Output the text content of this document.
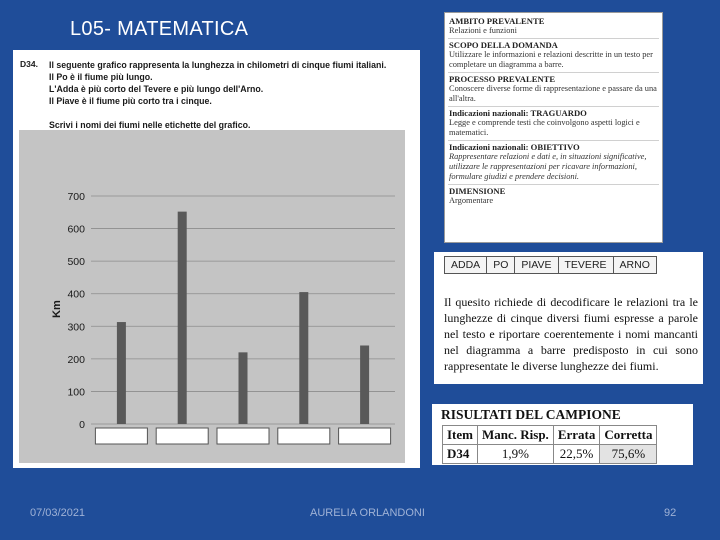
L05- MATEMATICA
D34. Il seguente grafico rappresenta la lunghezza in chilometri di cinque fiumi italiani.
Il Po è il fiume più lungo.
L'Adda è più corto del Tevere e più lungo dell'Arno.
Il Piave è il fiume più corto tra i cinque.
Scrivi i nomi dei fiumi nelle etichette del grafico.
0
100
200
300
400
500
600
700
Km
AMBITO PREVALENTE
Relazioni e funzioni
SCOPO DELLA DOMANDA
Utilizzare le informazioni e relazioni descritte in un testo per completare un diagramma a barre.
PROCESSO PREVALENTE
Conoscere diverse forme di rappresentazione e passare da una all'altra.
Indicazioni nazionali: TRAGUARDO
Legge e comprende testi che coinvolgono aspetti logici e matematici.
Indicazioni nazionali: OBIETTIVO
Rappresentare relazioni e dati e, in situazioni significative, utilizzare le rappresentazioni per ricavare informazioni, formulare giudizi e prendere decisioni.
DIMENSIONE
Argomentare
ADDA	PO	PIAVE	TEVERE	ARNO
Il quesito richiede di decodificare le relazioni tra le lunghezze di cinque diversi fiumi espresse a parole nel testo e riportare coerentemente i nomi mancanti nel diagramma a barre predisposto in cui sono rappresentate le diverse lunghezze dei fiumi.
RISULTATI DEL CAMPIONE
Item	Manc. Risp.	Errata	Corretta
D34	1,9%	22,5%	75,6%
07/03/2021	AURELIA ORLANDONI	92
